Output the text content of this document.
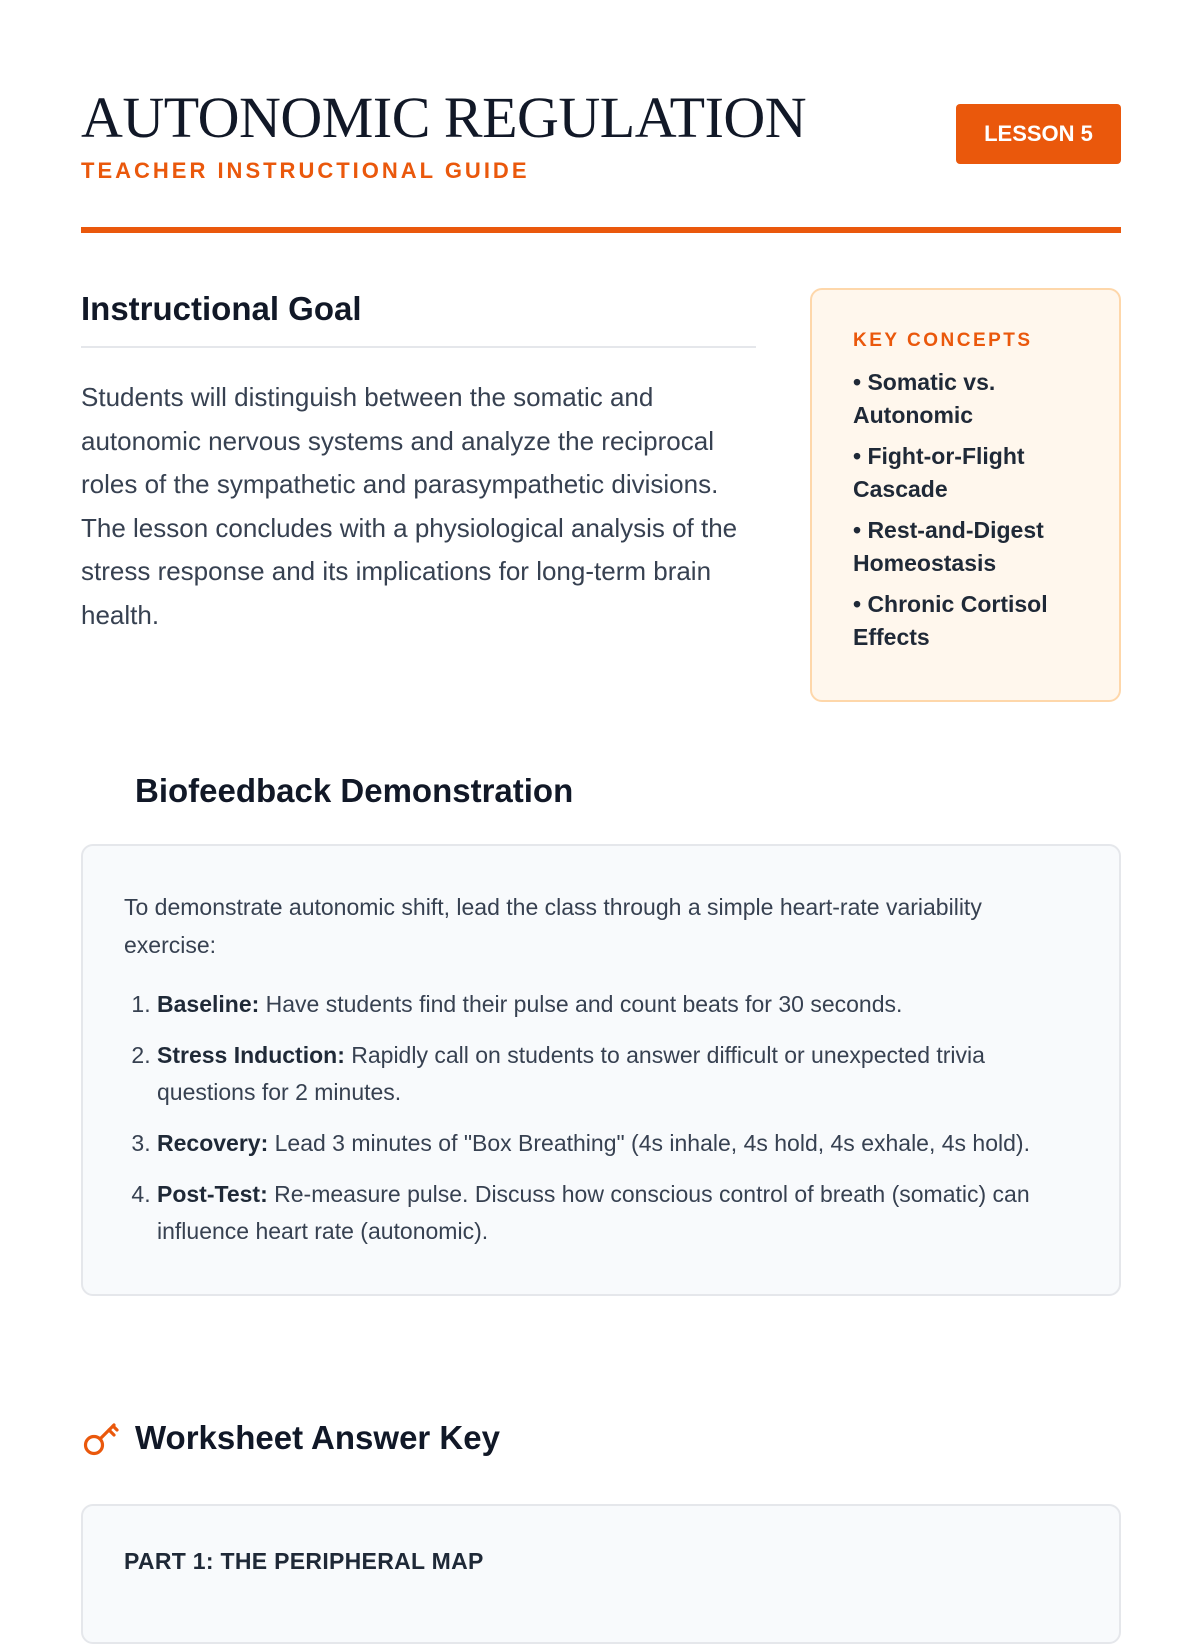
AUTONOMIC REGULATION
TEACHER INSTRUCTIONAL GUIDE
LESSON 5
Instructional Goal

Students will distinguish between the somatic and autonomic nervous systems and analyze the reciprocal roles of the sympathetic and parasympathetic divisions. The lesson concludes with a physiological analysis of the stress response and its implications for long-term brain health.

KEY CONCEPTS
• Somatic vs. Autonomic
• Fight-or-Flight Cascade
• Rest-and-Digest Homeostasis
• Chronic Cortisol Effects
Biofeedback Demonstration

To demonstrate autonomic shift, lead the class through a simple heart-rate variability exercise:

1. Baseline: Have students find their pulse and count beats for 30 seconds.
2. Stress Induction: Rapidly call on students to answer difficult or unexpected trivia questions for 2 minutes.
3. Recovery: Lead 3 minutes of "Box Breathing" (4s inhale, 4s hold, 4s exhale, 4s hold).
4. Post-Test: Re-measure pulse. Discuss how conscious control of breath (somatic) can influence heart rate (autonomic).
Worksheet Answer Key
PART 1: THE PERIPHERAL MAP
